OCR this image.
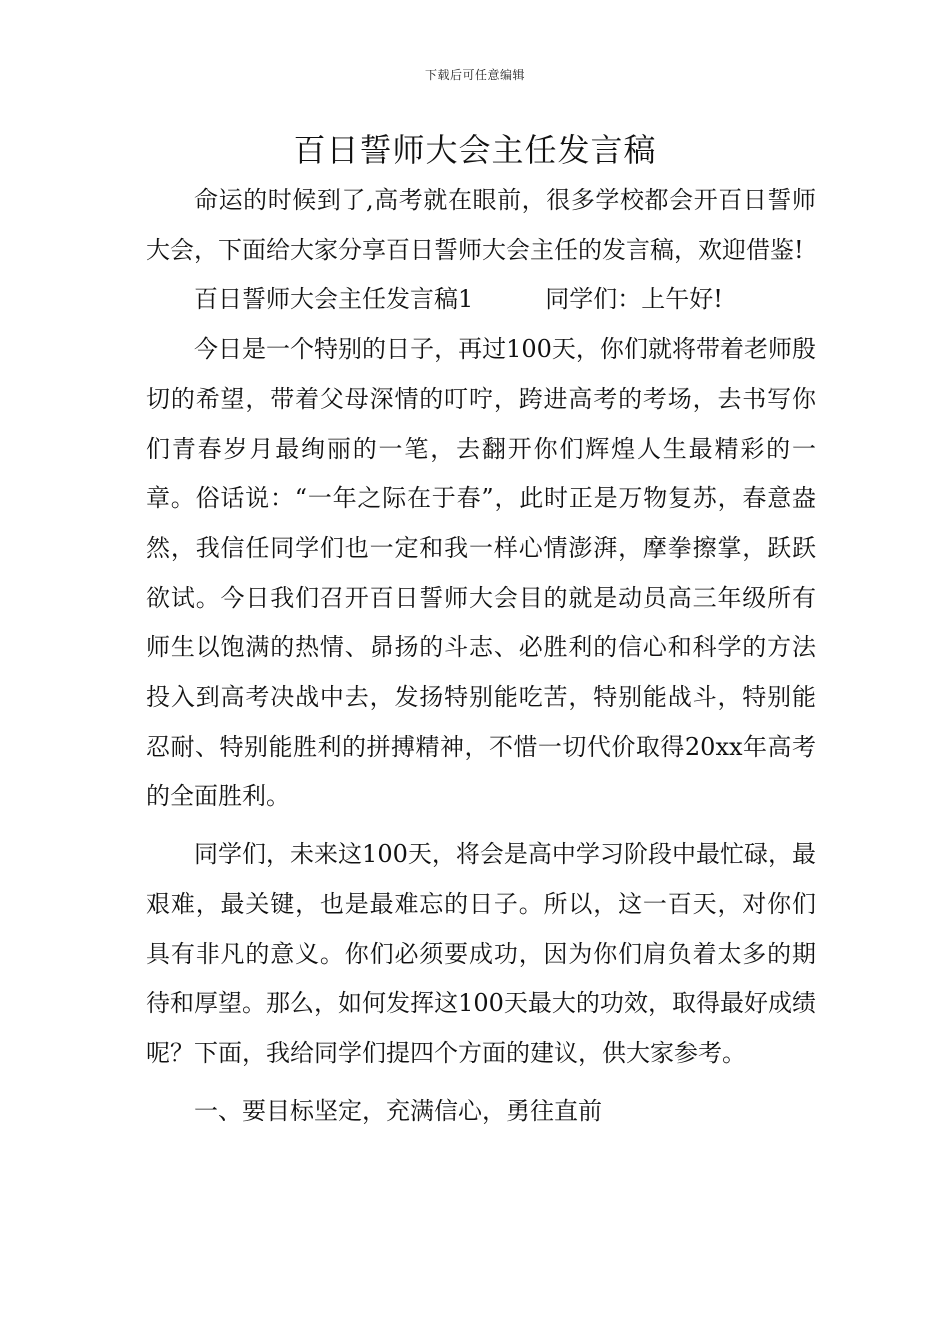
下载后可任意编辑
百日誓师大会主任发言稿

命运的时候到了,高考就在眼前，很多学校都会开百日誓师大会，下面给大家分享百日誓师大会主任的发言稿，欢迎借鉴!

百日誓师大会主任发言稿1　　　同学们：上午好!

今日是一个特别的日子，再过100天，你们就将带着老师殷切的希望，带着父母深情的叮咛，跨进高考的考场，去书写你们青春岁月最绚丽的一笔，去翻开你们辉煌人生最精彩的一章。俗话说：“一年之际在于春”，此时正是万物复苏，春意盎然，我信任同学们也一定和我一样心情澎湃，摩拳擦掌，跃跃欲试。今日我们召开百日誓师大会目的就是动员高三年级所有师生以饱满的热情、昴扬的斗志、必胜利的信心和科学的方法投入到高考决战中去，发扬特别能吃苦，特别能战斗，特别能忍耐、特别能胜利的拼搏精神，不惜一切代价取得20xx年高考的全面胜利。

同学们，未来这100天，将会是高中学习阶段中最忙碌，最艰难，最关键，也是最难忘的日子。所以，这一百天，对你们具有非凡的意义。你们必须要成功，因为你们肩负着太多的期待和厚望。那么，如何发挥这100天最大的功效，取得最好成绩呢？下面，我给同学们提四个方面的建议，供大家参考。

一、要目标坚定，充满信心，勇往直前
